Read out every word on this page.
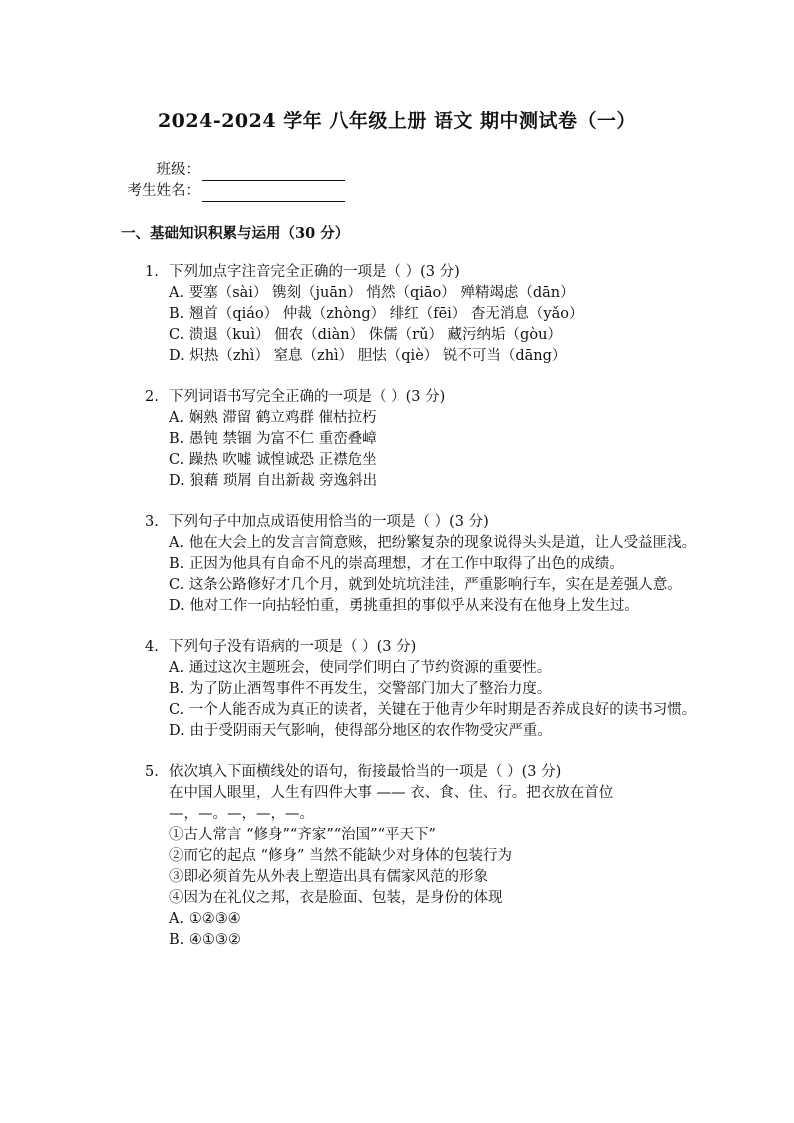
2024-2024 学年 八年级上册 语文 期中测试卷（一）
班级：
考生姓名：
一、基础知识积累与运用（30 分）
1. 下列加点字注音完全正确的一项是（ ）(3 分)
A. 要塞（sài） 镌刻（juān） 悄然（qiāo） 殚精竭虑（dān）
B. 翘首（qiáo） 仲裁（zhòng） 绯红（fēi） 杳无消息（yǎo）
C. 溃退（kuì） 佃农（diàn） 侏儒（rǔ） 藏污纳垢（gòu）
D. 炽热（zhì） 窒息（zhì） 胆怯（qiè） 锐不可当（dāng）
2. 下列词语书写完全正确的一项是（ ）(3 分)
A. 娴熟 滞留 鹤立鸡群 催枯拉朽
B. 愚钝 禁锢 为富不仁 重峦叠嶂
C. 躁热 吹嘘 诚惶诚恐 正襟危坐
D. 狼藉 琐屑 自出新裁 旁逸斜出
3. 下列句子中加点成语使用恰当的一项是（ ）(3 分)
A. 他在大会上的发言言简意赅，把纷繁复杂的现象说得头头是道，让人受益匪浅。
B. 正因为他具有自命不凡的崇高理想，才在工作中取得了出色的成绩。
C. 这条公路修好才几个月，就到处坑坑洼洼，严重影响行车，实在是差强人意。
D. 他对工作一向拈轻怕重，勇挑重担的事似乎从来没有在他身上发生过。
4. 下列句子没有语病的一项是（ ）(3 分)
A. 通过这次主题班会，使同学们明白了节约资源的重要性。
B. 为了防止酒驾事件不再发生，交警部门加大了整治力度。
C. 一个人能否成为真正的读者，关键在于他青少年时期是否养成良好的读书习惯。
D. 由于受阴雨天气影响，使得部分地区的农作物受灾严重。
5. 依次填入下面横线处的语句，衔接最恰当的一项是（ ）(3 分)
在中国人眼里，人生有四件大事 —— 衣、食、住、行。把衣放在首位
—，—。—，—，—。
①古人常言 “修身”“齐家”“治国”“平天下”
②而它的起点 “修身” 当然不能缺少对身体的包装行为
③即必须首先从外表上塑造出具有儒家风范的形象
④因为在礼仪之邦，衣是脸面、包装，是身份的体现
A. ①②③④
B. ④①③②
